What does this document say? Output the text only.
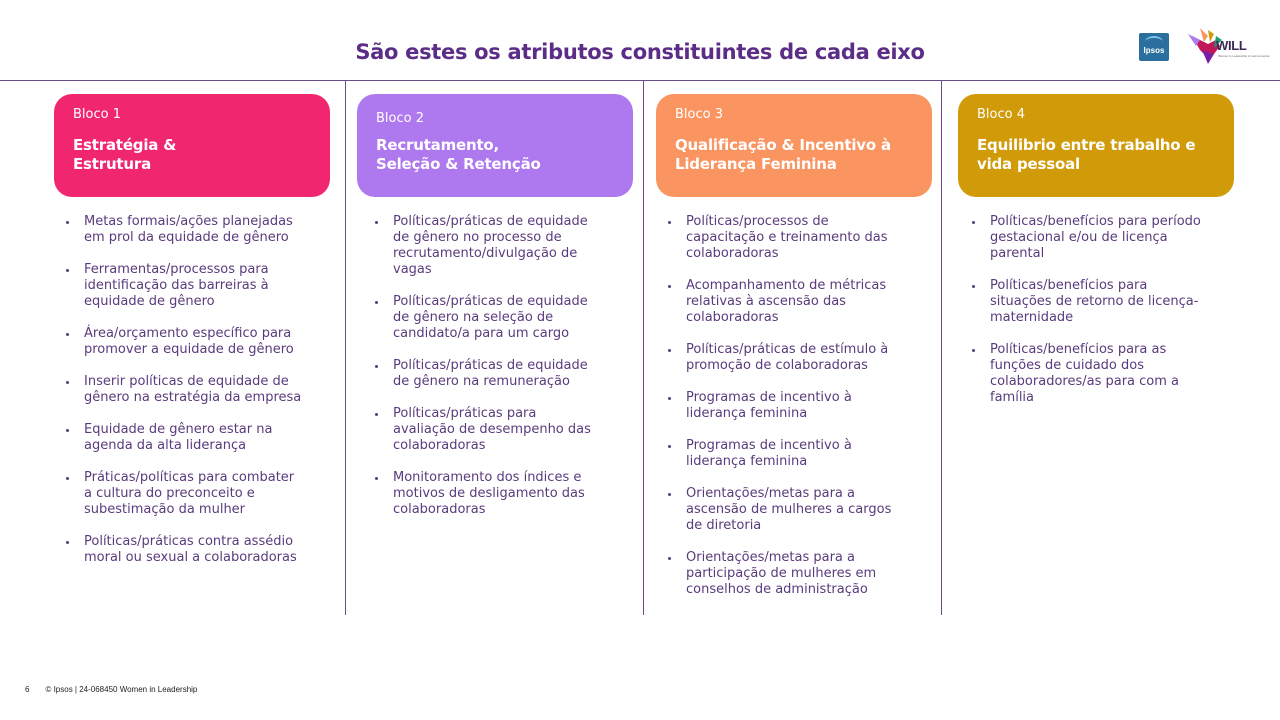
São estes os atributos constituintes de cada eixo	Ipsos	WILL
Women in Leadership in Latin America
Bloco 1
Estratégia &
Estrutura
Metas formais/ações planejadas
em prol da equidade de gênero
Ferramentas/processos para
identificação das barreiras à
equidade de gênero
Área/orçamento específico para
promover a equidade de gênero
Inserir políticas de equidade de
gênero na estratégia da empresa
Equidade de gênero estar na
agenda da alta liderança
Práticas/políticas para combater
a cultura do preconceito e
subestimação da mulher
Políticas/práticas contra assédio
moral ou sexual a colaboradoras
Bloco 2
Recrutamento,
Seleção & Retenção
Políticas/práticas de equidade
de gênero no processo de
recrutamento/divulgação de
vagas
Políticas/práticas de equidade
de gênero na seleção de
candidato/a para um cargo
Políticas/práticas de equidade
de gênero na remuneração
Políticas/práticas para
avaliação de desempenho das
colaboradoras
Monitoramento dos índices e
motivos de desligamento das
colaboradoras
Bloco 3
Qualificação & Incentivo à
Liderança Feminina
Políticas/processos de
capacitação e treinamento das
colaboradoras
Acompanhamento de métricas
relativas à ascensão das
colaboradoras
Políticas/práticas de estímulo à
promoção de colaboradoras
Programas de incentivo à
liderança feminina
Programas de incentivo à
liderança feminina
Orientações/metas para a
ascensão de mulheres a cargos
de diretoria
Orientações/metas para a
participação de mulheres em
conselhos de administração
Bloco 4
Equilibrio entre trabalho e
vida pessoal
Políticas/benefícios para período
gestacional e/ou de licença
parental
Políticas/benefícios para
situações de retorno de licença-
maternidade
Políticas/benefícios para as
funções de cuidado dos
colaboradores/as para com a
família
6 © Ipsos | 24-068450 Women in Leadership
